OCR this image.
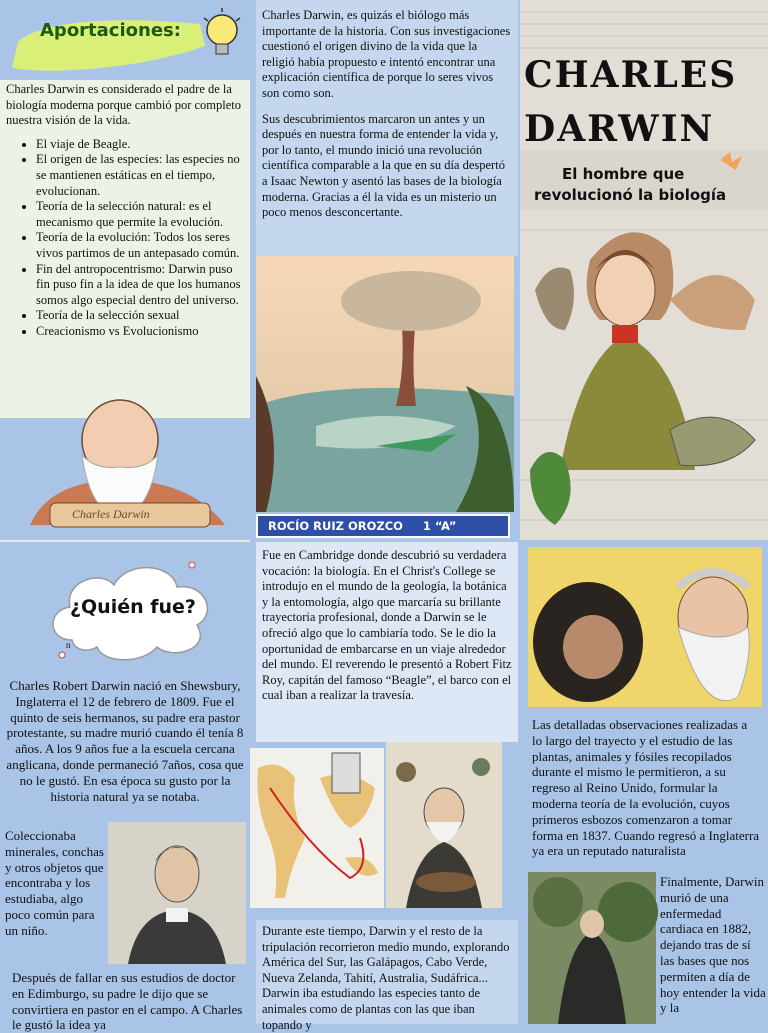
Aportaciones:
Charles Darwin es considerado el padre de la biología moderna porque cambió por completo nuestra visión de la vida.
• El viaje de Beagle.
• El origen de las especies: las especies no se mantienen estáticas en el tiempo, evolucionan.
• Teoría de la selección natural: es el mecanismo que permite la evolución.
• Teoría de la evolución: Todos los seres vivos partimos de un antepasado común.
• Fin del antropocentrismo: Darwin puso fin puso fin a la idea de que los humanos somos algo especial dentro del universo.
• Teoría de la selección sexual
• Creacionismo vs Evolucionismo
Charles Darwin
¿Quién fue?
n
Charles Robert Darwin nació en Shewsbury, Inglaterra el 12 de febrero de 1809. Fue el quinto de seis hermanos, su padre era pastor protestante, su madre murió cuando él tenía 8 años. A los 9 años fue a la escuela cercana anglicana, donde permaneció 7años, cosa que no le gustó. En esa época su gusto por la historia natural ya se notaba.
Coleccionaba minerales, conchas y otros objetos que encontraba y los estudiaba, algo poco común para un niño.
Después de fallar en sus estudios de doctor en Edimburgo, su padre le dijo que se convirtiera en pastor en el campo. A Charles le gustó la idea ya
Charles Darwin, es quizás el biólogo más importante de la historia. Con sus investigaciones cuestionó el origen divino de la vida que la religió había propuesto e intentó encontrar una explicación científica de porque lo seres vivos son como son.
Sus descubrimientos marcaron un antes y un después en nuestra forma de entender la vida y, por lo tanto, el mundo inició una revolución científica comparable a la que en su día despertó a Isaac Newton y asentó las bases de la biología moderna. Gracias a él la vida es un misterio un poco menos desconcertante.
ROCÍO RUIZ OROZCO     1 “A”
Fue en Cambridge donde descubrió su verdadera vocación: la biología. En el Christ's College se introdujo en el mundo de la geología, la botánica y la entomología, algo que marcaría su brillante trayectoria profesional, donde a Darwin se le ofreció algo que lo cambiaría todo. Se le dio la oportunidad de embarcarse en un viaje alrededor del mundo. El reverendo le presentó a Robert Fitz Roy, capitán del famoso “Beagle”, el barco con el cual iban a realizar la travesía.
Durante este tiempo, Darwin y el resto de la tripulación recorrieron medio mundo, explorando América del Sur, las Galápagos, Cabo Verde, Nueva Zelanda, Tahití, Australia, Sudáfrica... Darwin iba estudiando las especies tanto de animales como de plantas con las que iban topando y
CHARLES
DARWIN
El hombre que
revolucionó la biología
Las detalladas observaciones realizadas a lo largo del trayecto y el estudio de las plantas, animales y fósiles recopilados durante el mismo le permitieron, a su regreso al Reino Unido, formular la moderna teoría de la evolución, cuyos primeros esbozos comenzaron a tomar forma en 1837. Cuando regresó a Inglaterra ya era un reputado naturalista
Finalmente, Darwin murió de una enfermedad cardiaca en 1882, dejando tras de sí las bases que nos permiten a día de hoy entender la vida y la
